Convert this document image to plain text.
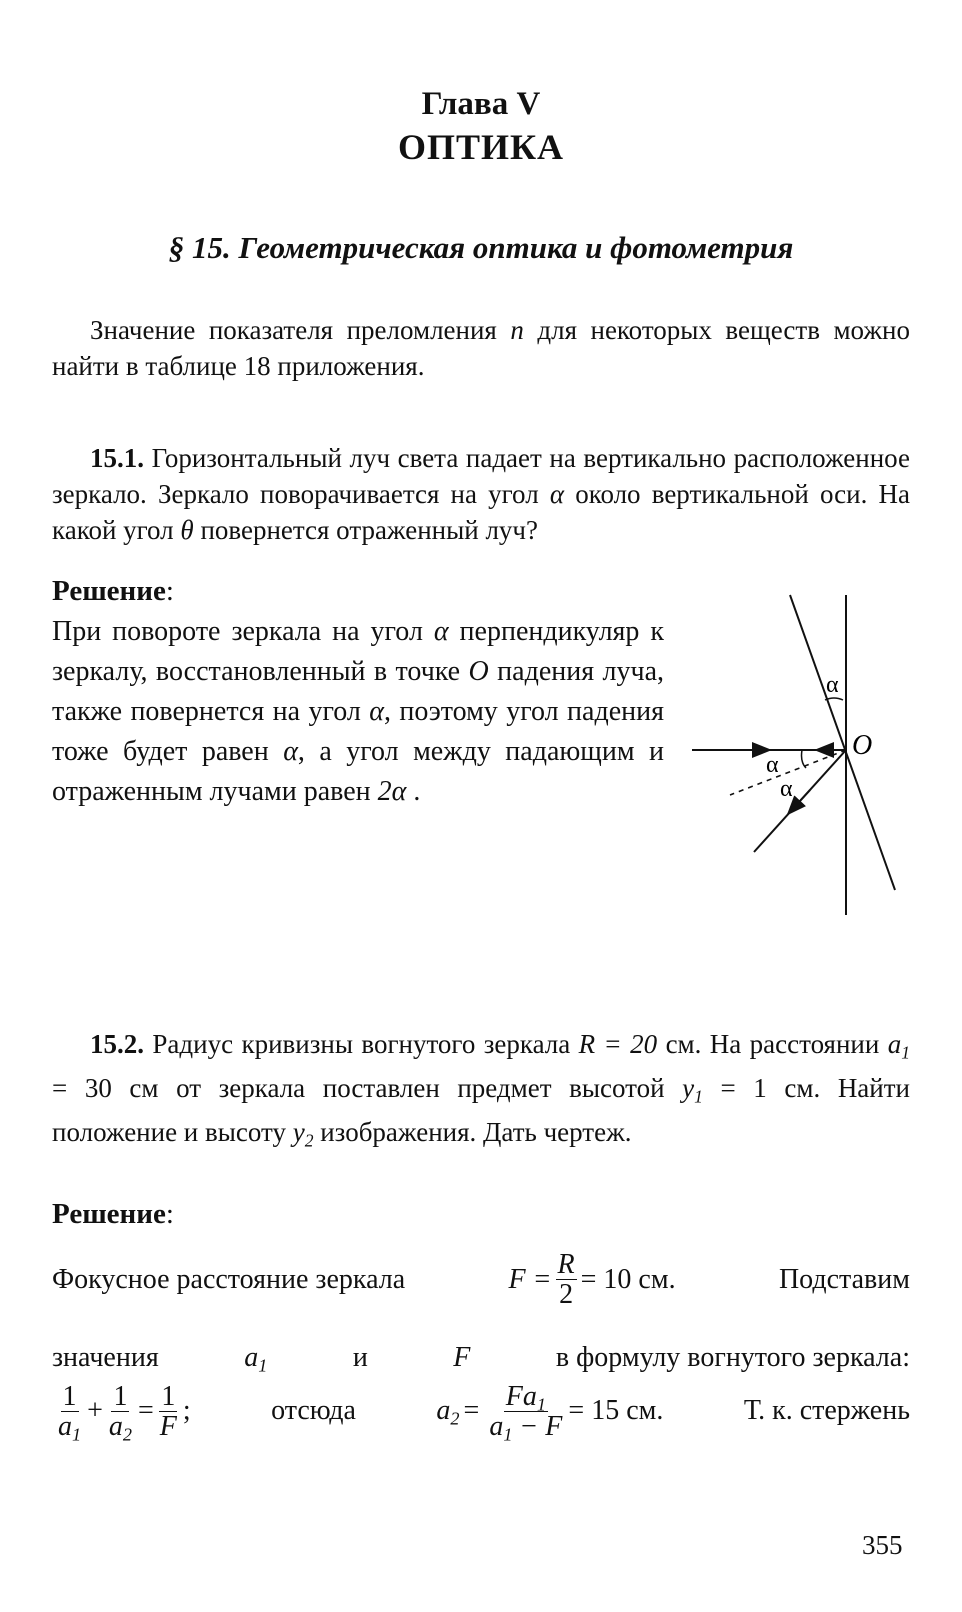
Глава V
ОПТИКА
§ 15. Геометрическая оптика и фотометрия
Значение показателя преломления n для некоторых веществ можно найти в таблице 18 приложения.
15.1. Горизонтальный луч света падает на вертикально расположенное зеркало. Зеркало поворачивается на угол α около вертикальной оси. На какой угол θ повернется отраженный луч?
Решение:
При повороте зеркала на угол α перпендикуляр к зеркалу, восстановленный в точке O падения луча, также повернется на угол α, поэтому угол падения тоже будет равен α, а угол между падающим и отраженным лучами равен 2α .
α
α
α
O
15.2. Радиус кривизны вогнутого зеркала R = 20 см. На расстоянии $a_1 = 30$ см от зеркала поставлен предмет высотой $y_1 = 1$ см. Найти положение и высоту $y_2$ изображения. Дать чертеж.
Решение:
Фокусное расстояние зеркала	$F = \frac{R}{2} = 10$ см.	Подставим
значения	$a_1$	и	F	в формулу вогнутого зеркала:
$\frac{1}{a_1} + \frac{1}{a_2} = \frac{1}{F}$ ;	отсюда	$a_2 = \frac{Fa_1}{a_1 - F} = 15$ см.	Т. к. стержень
355
